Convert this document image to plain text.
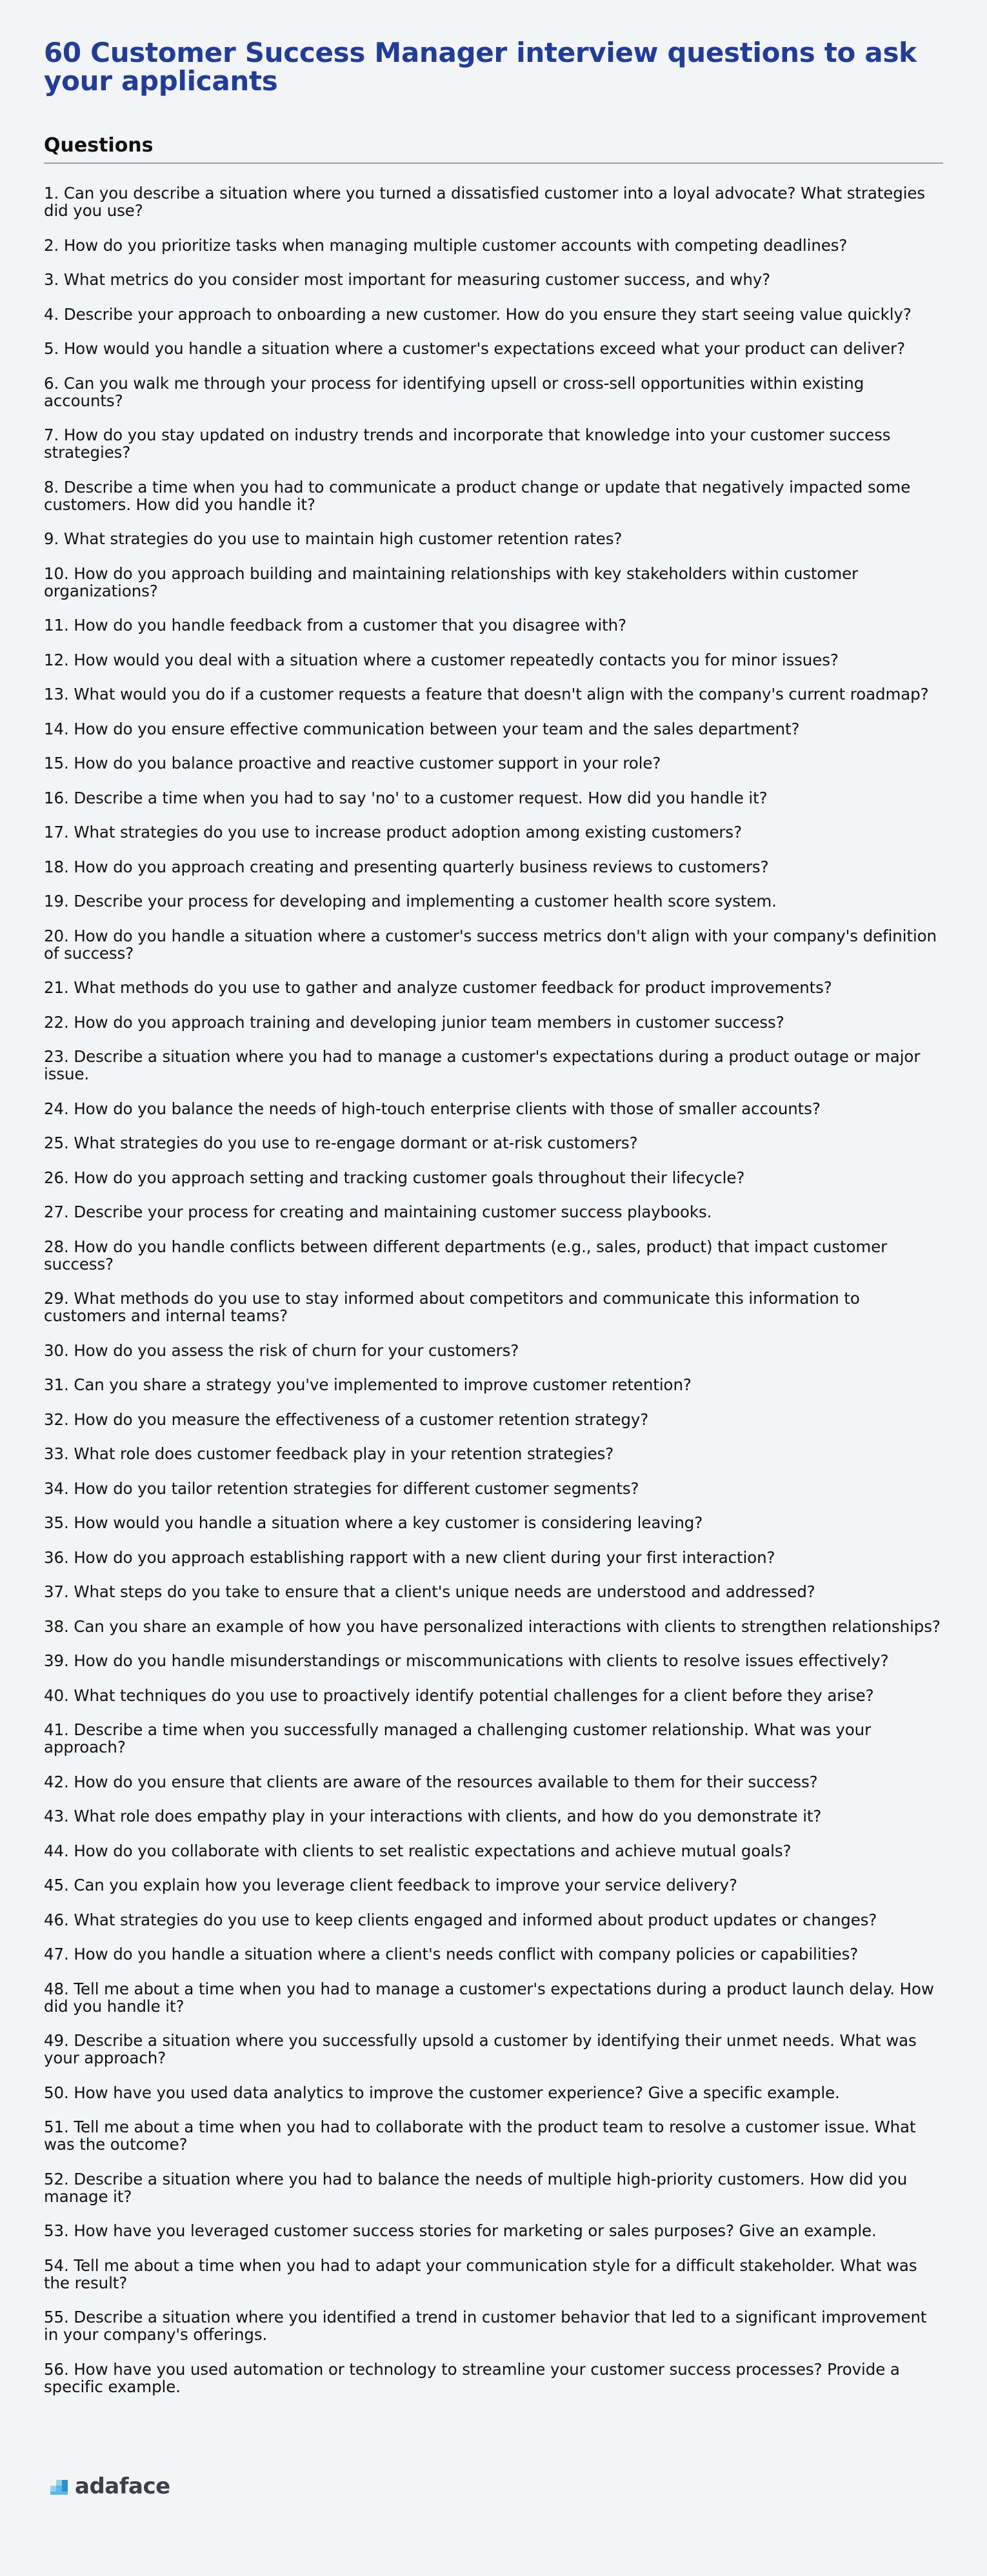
60 Customer Success Manager interview questions to ask your applicants
Questions
1. Can you describe a situation where you turned a dissatisfied customer into a loyal advocate? What strategies did you use?
2. How do you prioritize tasks when managing multiple customer accounts with competing deadlines?
3. What metrics do you consider most important for measuring customer success, and why?
4. Describe your approach to onboarding a new customer. How do you ensure they start seeing value quickly?
5. How would you handle a situation where a customer's expectations exceed what your product can deliver?
6. Can you walk me through your process for identifying upsell or cross-sell opportunities within existing accounts?
7. How do you stay updated on industry trends and incorporate that knowledge into your customer success strategies?
8. Describe a time when you had to communicate a product change or update that negatively impacted some customers. How did you handle it?
9. What strategies do you use to maintain high customer retention rates?
10. How do you approach building and maintaining relationships with key stakeholders within customer organizations?
11. How do you handle feedback from a customer that you disagree with?
12. How would you deal with a situation where a customer repeatedly contacts you for minor issues?
13. What would you do if a customer requests a feature that doesn't align with the company's current roadmap?
14. How do you ensure effective communication between your team and the sales department?
15. How do you balance proactive and reactive customer support in your role?
16. Describe a time when you had to say 'no' to a customer request. How did you handle it?
17. What strategies do you use to increase product adoption among existing customers?
18. How do you approach creating and presenting quarterly business reviews to customers?
19. Describe your process for developing and implementing a customer health score system.
20. How do you handle a situation where a customer's success metrics don't align with your company's definition of success?
21. What methods do you use to gather and analyze customer feedback for product improvements?
22. How do you approach training and developing junior team members in customer success?
23. Describe a situation where you had to manage a customer's expectations during a product outage or major issue.
24. How do you balance the needs of high-touch enterprise clients with those of smaller accounts?
25. What strategies do you use to re-engage dormant or at-risk customers?
26. How do you approach setting and tracking customer goals throughout their lifecycle?
27. Describe your process for creating and maintaining customer success playbooks.
28. How do you handle conflicts between different departments (e.g., sales, product) that impact customer success?
29. What methods do you use to stay informed about competitors and communicate this information to customers and internal teams?
30. How do you assess the risk of churn for your customers?
31. Can you share a strategy you've implemented to improve customer retention?
32. How do you measure the effectiveness of a customer retention strategy?
33. What role does customer feedback play in your retention strategies?
34. How do you tailor retention strategies for different customer segments?
35. How would you handle a situation where a key customer is considering leaving?
36. How do you approach establishing rapport with a new client during your first interaction?
37. What steps do you take to ensure that a client's unique needs are understood and addressed?
38. Can you share an example of how you have personalized interactions with clients to strengthen relationships?
39. How do you handle misunderstandings or miscommunications with clients to resolve issues effectively?
40. What techniques do you use to proactively identify potential challenges for a client before they arise?
41. Describe a time when you successfully managed a challenging customer relationship. What was your approach?
42. How do you ensure that clients are aware of the resources available to them for their success?
43. What role does empathy play in your interactions with clients, and how do you demonstrate it?
44. How do you collaborate with clients to set realistic expectations and achieve mutual goals?
45. Can you explain how you leverage client feedback to improve your service delivery?
46. What strategies do you use to keep clients engaged and informed about product updates or changes?
47. How do you handle a situation where a client's needs conflict with company policies or capabilities?
48. Tell me about a time when you had to manage a customer's expectations during a product launch delay. How did you handle it?
49. Describe a situation where you successfully upsold a customer by identifying their unmet needs. What was your approach?
50. How have you used data analytics to improve the customer experience? Give a specific example.
51. Tell me about a time when you had to collaborate with the product team to resolve a customer issue. What was the outcome?
52. Describe a situation where you had to balance the needs of multiple high-priority customers. How did you manage it?
53. How have you leveraged customer success stories for marketing or sales purposes? Give an example.
54. Tell me about a time when you had to adapt your communication style for a difficult stakeholder. What was the result?
55. Describe a situation where you identified a trend in customer behavior that led to a significant improvement in your company's offerings.
56. How have you used automation or technology to streamline your customer success processes? Provide a specific example.
adaface
